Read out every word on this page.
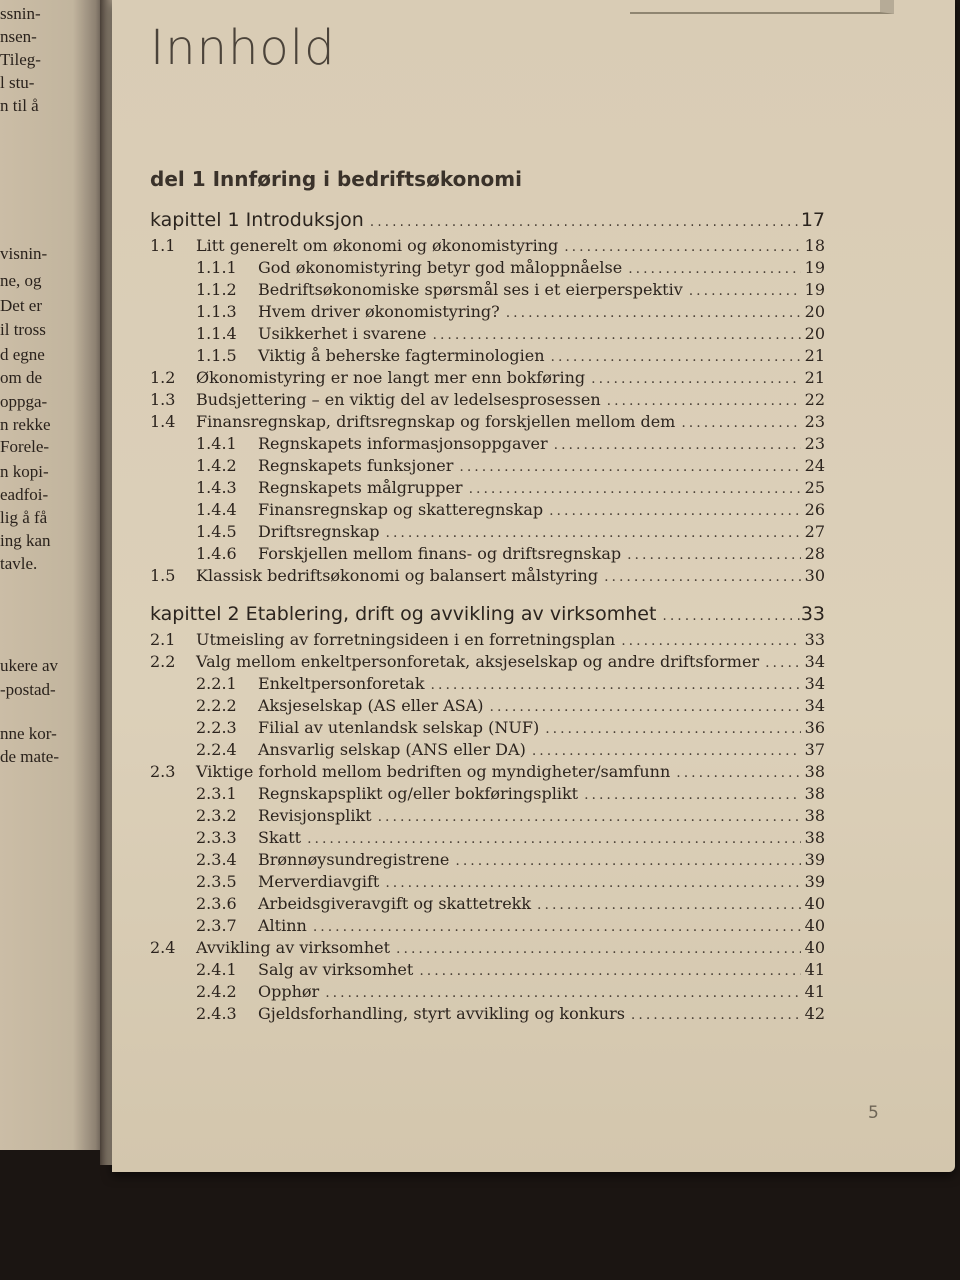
ssnin-
nsen-
Tileg-
l stu-
n til å
visnin-
ne, og
Det er
il tross
d egne
om de
oppga-
n rekke
Forele-
n kopi-
eadfoi-
lig å få
ing kan
tavle.
ukere av
-postad-
nne kor-
de mate-
Innhold
del 1 Innføring i bedriftsøkonomi
kapittel 1 Introduksjon .....	17
1.1	Litt generelt om økonomi og økonomistyring .....	18
1.1.1	God økonomistyring betyr god måloppnåelse .....	19
1.1.2	Bedriftsøkonomiske spørsmål ses i et eierperspektiv .....	19
1.1.3	Hvem driver økonomistyring? .....	20
1.1.4	Usikkerhet i svarene .....	20
1.1.5	Viktig å beherske fagterminologien .....	21
1.2	Økonomistyring er noe langt mer enn bokføring .....	21
1.3	Budsjettering – en viktig del av ledelsesprosessen .....	22
1.4	Finansregnskap, driftsregnskap og forskjellen mellom dem .....	23
1.4.1	Regnskapets informasjonsoppgaver .....	23
1.4.2	Regnskapets funksjoner .....	24
1.4.3	Regnskapets målgrupper .....	25
1.4.4	Finansregnskap og skatteregnskap .....	26
1.4.5	Driftsregnskap .....	27
1.4.6	Forskjellen mellom finans- og driftsregnskap .....	28
1.5	Klassisk bedriftsøkonomi og balansert målstyring .....	30
kapittel 2 Etablering, drift og avvikling av virksomhet .....	33
2.1	Utmeisling av forretningsideen i en forretningsplan .....	33
2.2	Valg mellom enkeltpersonforetak, aksjeselskap og andre driftsformer .....	34
2.2.1	Enkeltpersonforetak .....	34
2.2.2	Aksjeselskap (AS eller ASA) .....	34
2.2.3	Filial av utenlandsk selskap (NUF) .....	36
2.2.4	Ansvarlig selskap (ANS eller DA) .....	37
2.3	Viktige forhold mellom bedriften og myndigheter/samfunn .....	38
2.3.1	Regnskapsplikt og/eller bokføringsplikt .....	38
2.3.2	Revisjonsplikt .....	38
2.3.3	Skatt .....	38
2.3.4	Brønnøysundregistrene .....	39
2.3.5	Merverdiavgift .....	39
2.3.6	Arbeidsgiveravgift og skattetrekk .....	40
2.3.7	Altinn .....	40
2.4	Avvikling av virksomhet .....	40
2.4.1	Salg av virksomhet .....	41
2.4.2	Opphør .....	41
2.4.3	Gjeldsforhandling, styrt avvikling og konkurs .....	42
5
